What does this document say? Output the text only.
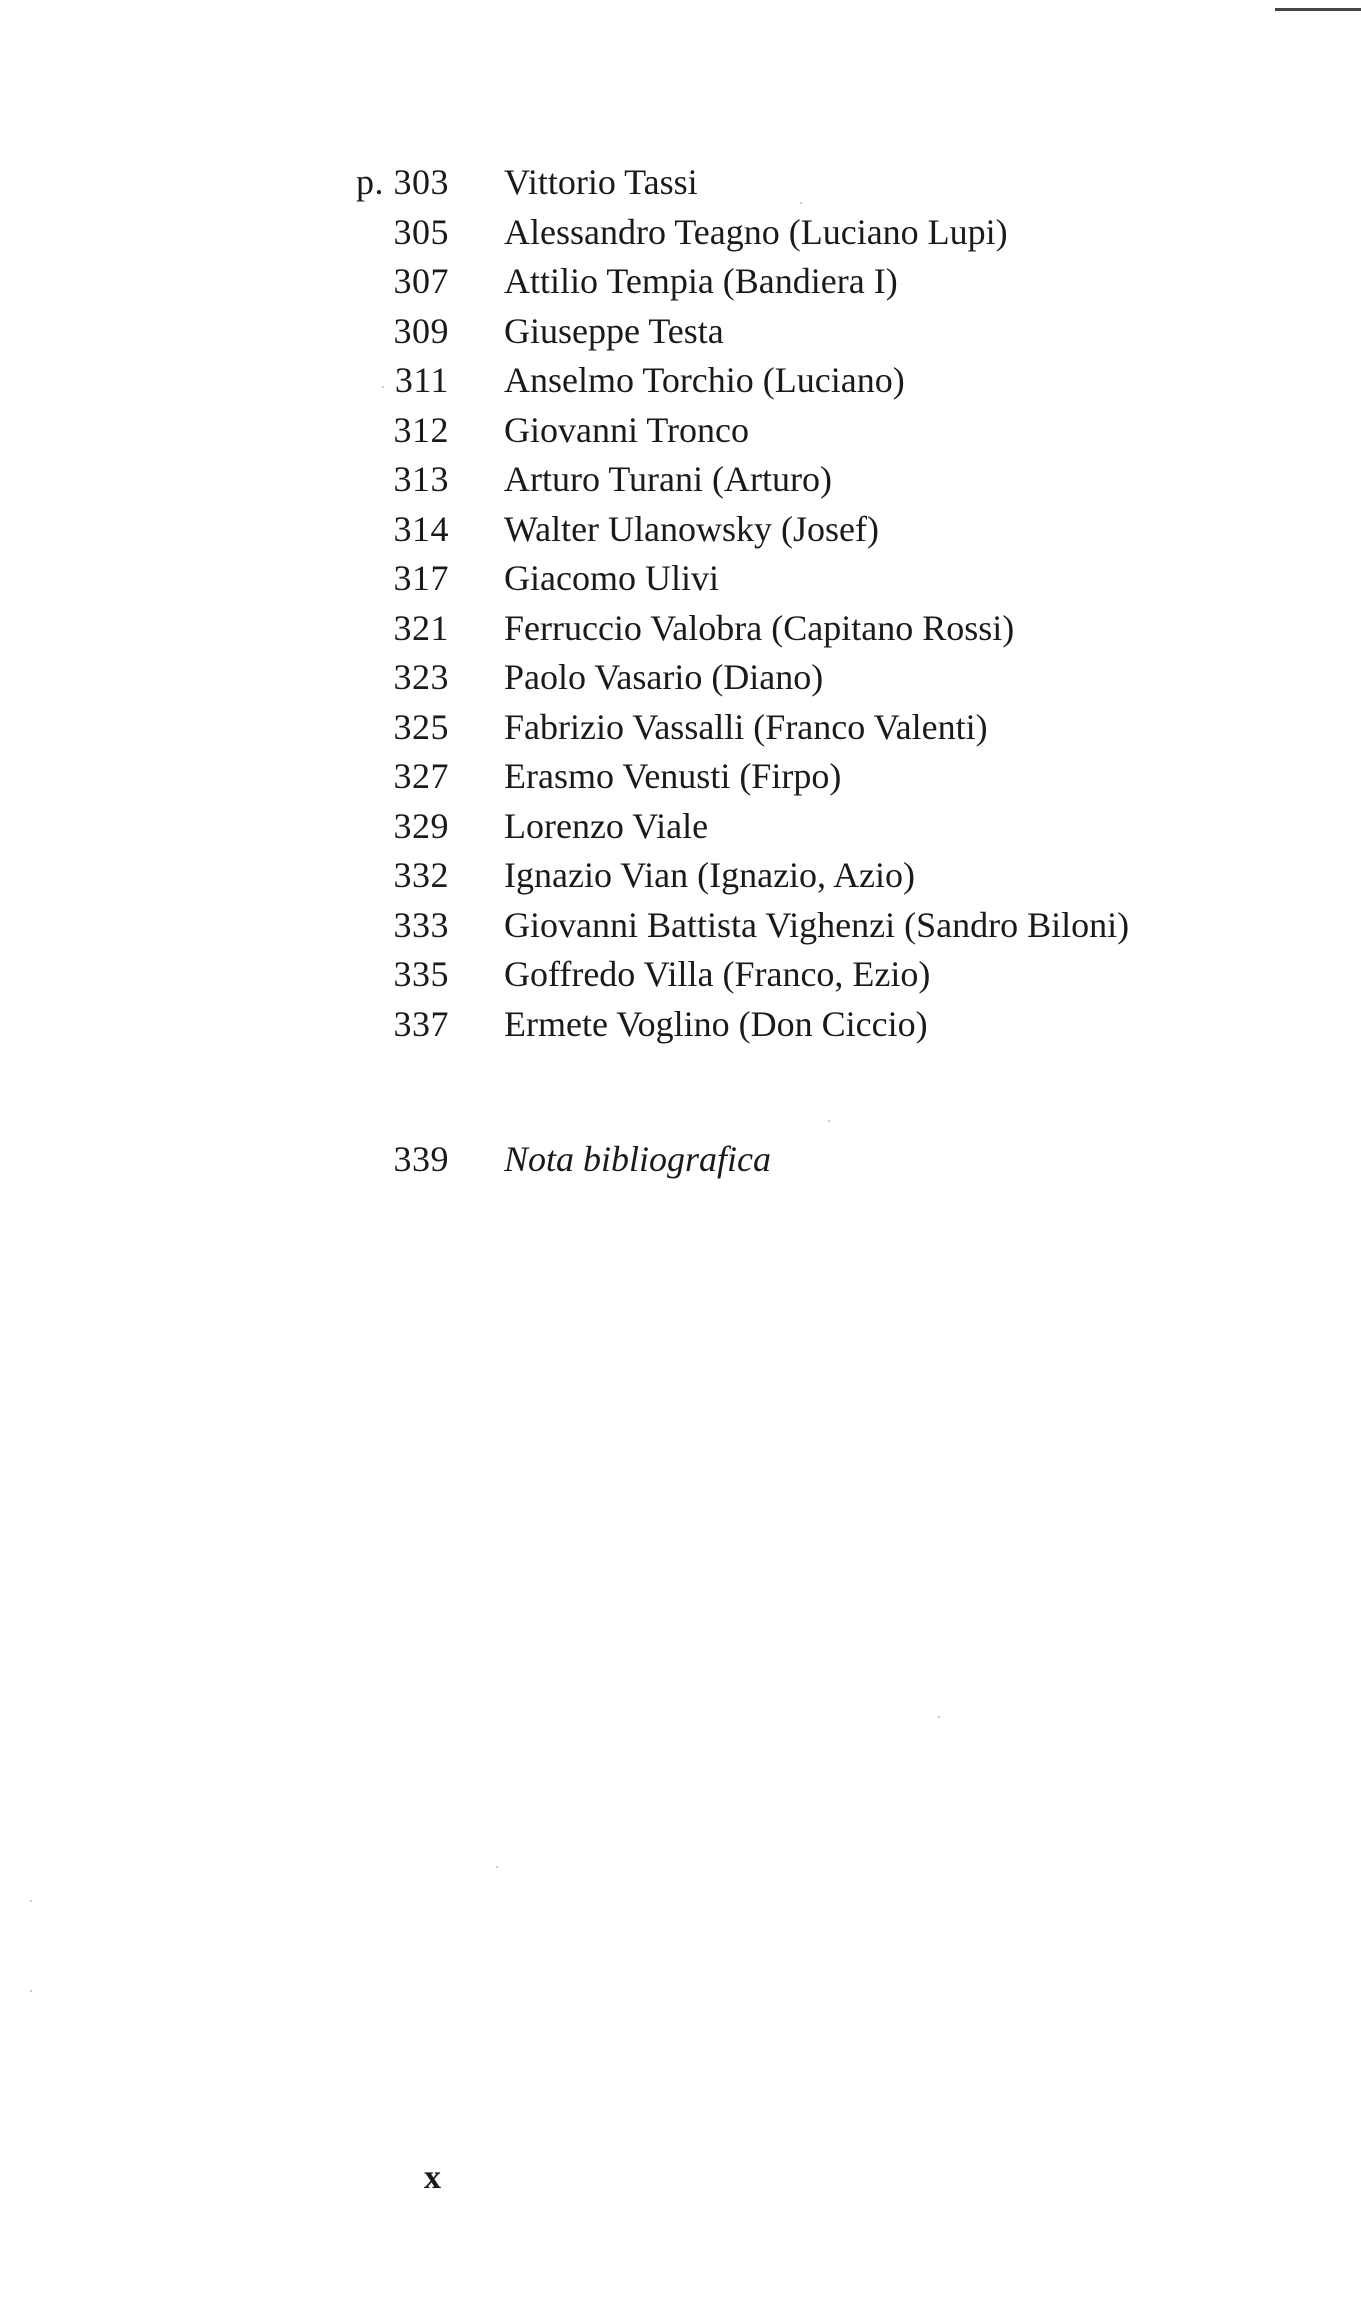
p. 303 Vittorio Tassi
305 Alessandro Teagno (Luciano Lupi)
307 Attilio Tempia (Bandiera I)
309 Giuseppe Testa
311 Anselmo Torchio (Luciano)
312 Giovanni Tronco
313 Arturo Turani (Arturo)
314 Walter Ulanowsky (Josef)
317 Giacomo Ulivi
321 Ferruccio Valobra (Capitano Rossi)
323 Paolo Vasario (Diano)
325 Fabrizio Vassalli (Franco Valenti)
327 Erasmo Venusti (Firpo)
329 Lorenzo Viale
332 Ignazio Vian (Ignazio, Azio)
333 Giovanni Battista Vighenzi (Sandro Biloni)
335 Goffredo Villa (Franco, Ezio)
337 Ermete Voglino (Don Ciccio)
339 Nota bibliografica
x
